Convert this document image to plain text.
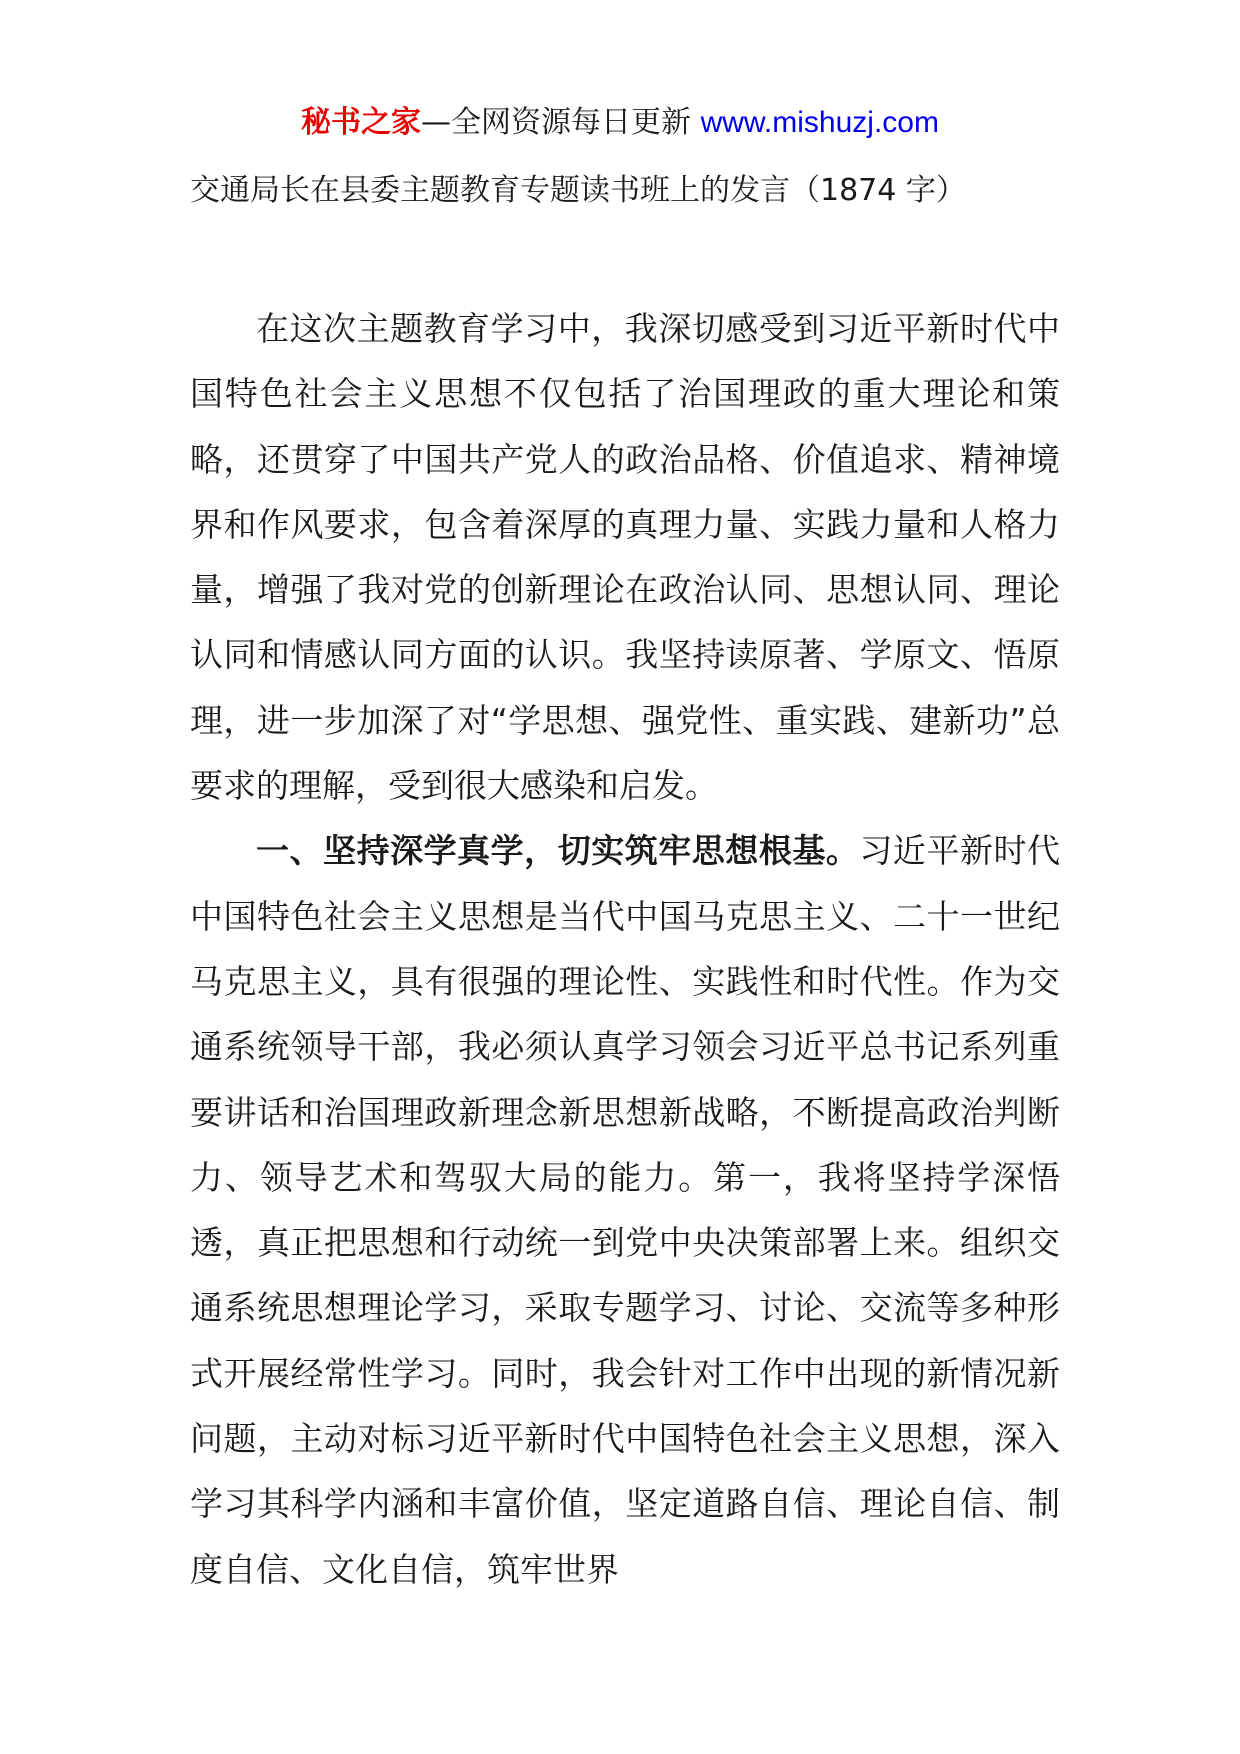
秘书之家—全网资源每日更新 www.mishuzj.com
交通局长在县委主题教育专题读书班上的发言（1874 字）

在这次主题教育学习中，我深切感受到习近平新时代中国特色社会主义思想不仅包括了治国理政的重大理论和策略，还贯穿了中国共产党人的政治品格、价值追求、精神境界和作风要求，包含着深厚的真理力量、实践力量和人格力量，增强了我对党的创新理论在政治认同、思想认同、理论认同和情感认同方面的认识。我坚持读原著、学原文、悟原理，进一步加深了对“学思想、强党性、重实践、建新功”总要求的理解，受到很大感染和启发。

一、坚持深学真学，切实筑牢思想根基。习近平新时代中国特色社会主义思想是当代中国马克思主义、二十一世纪马克思主义，具有很强的理论性、实践性和时代性。作为交通系统领导干部，我必须认真学习领会习近平总书记系列重要讲话和治国理政新理念新思想新战略，不断提高政治判断力、领导艺术和驾驭大局的能力。第一，我将坚持学深悟透，真正把思想和行动统一到党中央决策部署上来。组织交通系统思想理论学习，采取专题学习、讨论、交流等多种形式开展经常性学习。同时，我会针对工作中出现的新情况新问题，主动对标习近平新时代中国特色社会主义思想，深入学习其科学内涵和丰富价值，坚定道路自信、理论自信、制度自信、文化自信，筑牢世界
